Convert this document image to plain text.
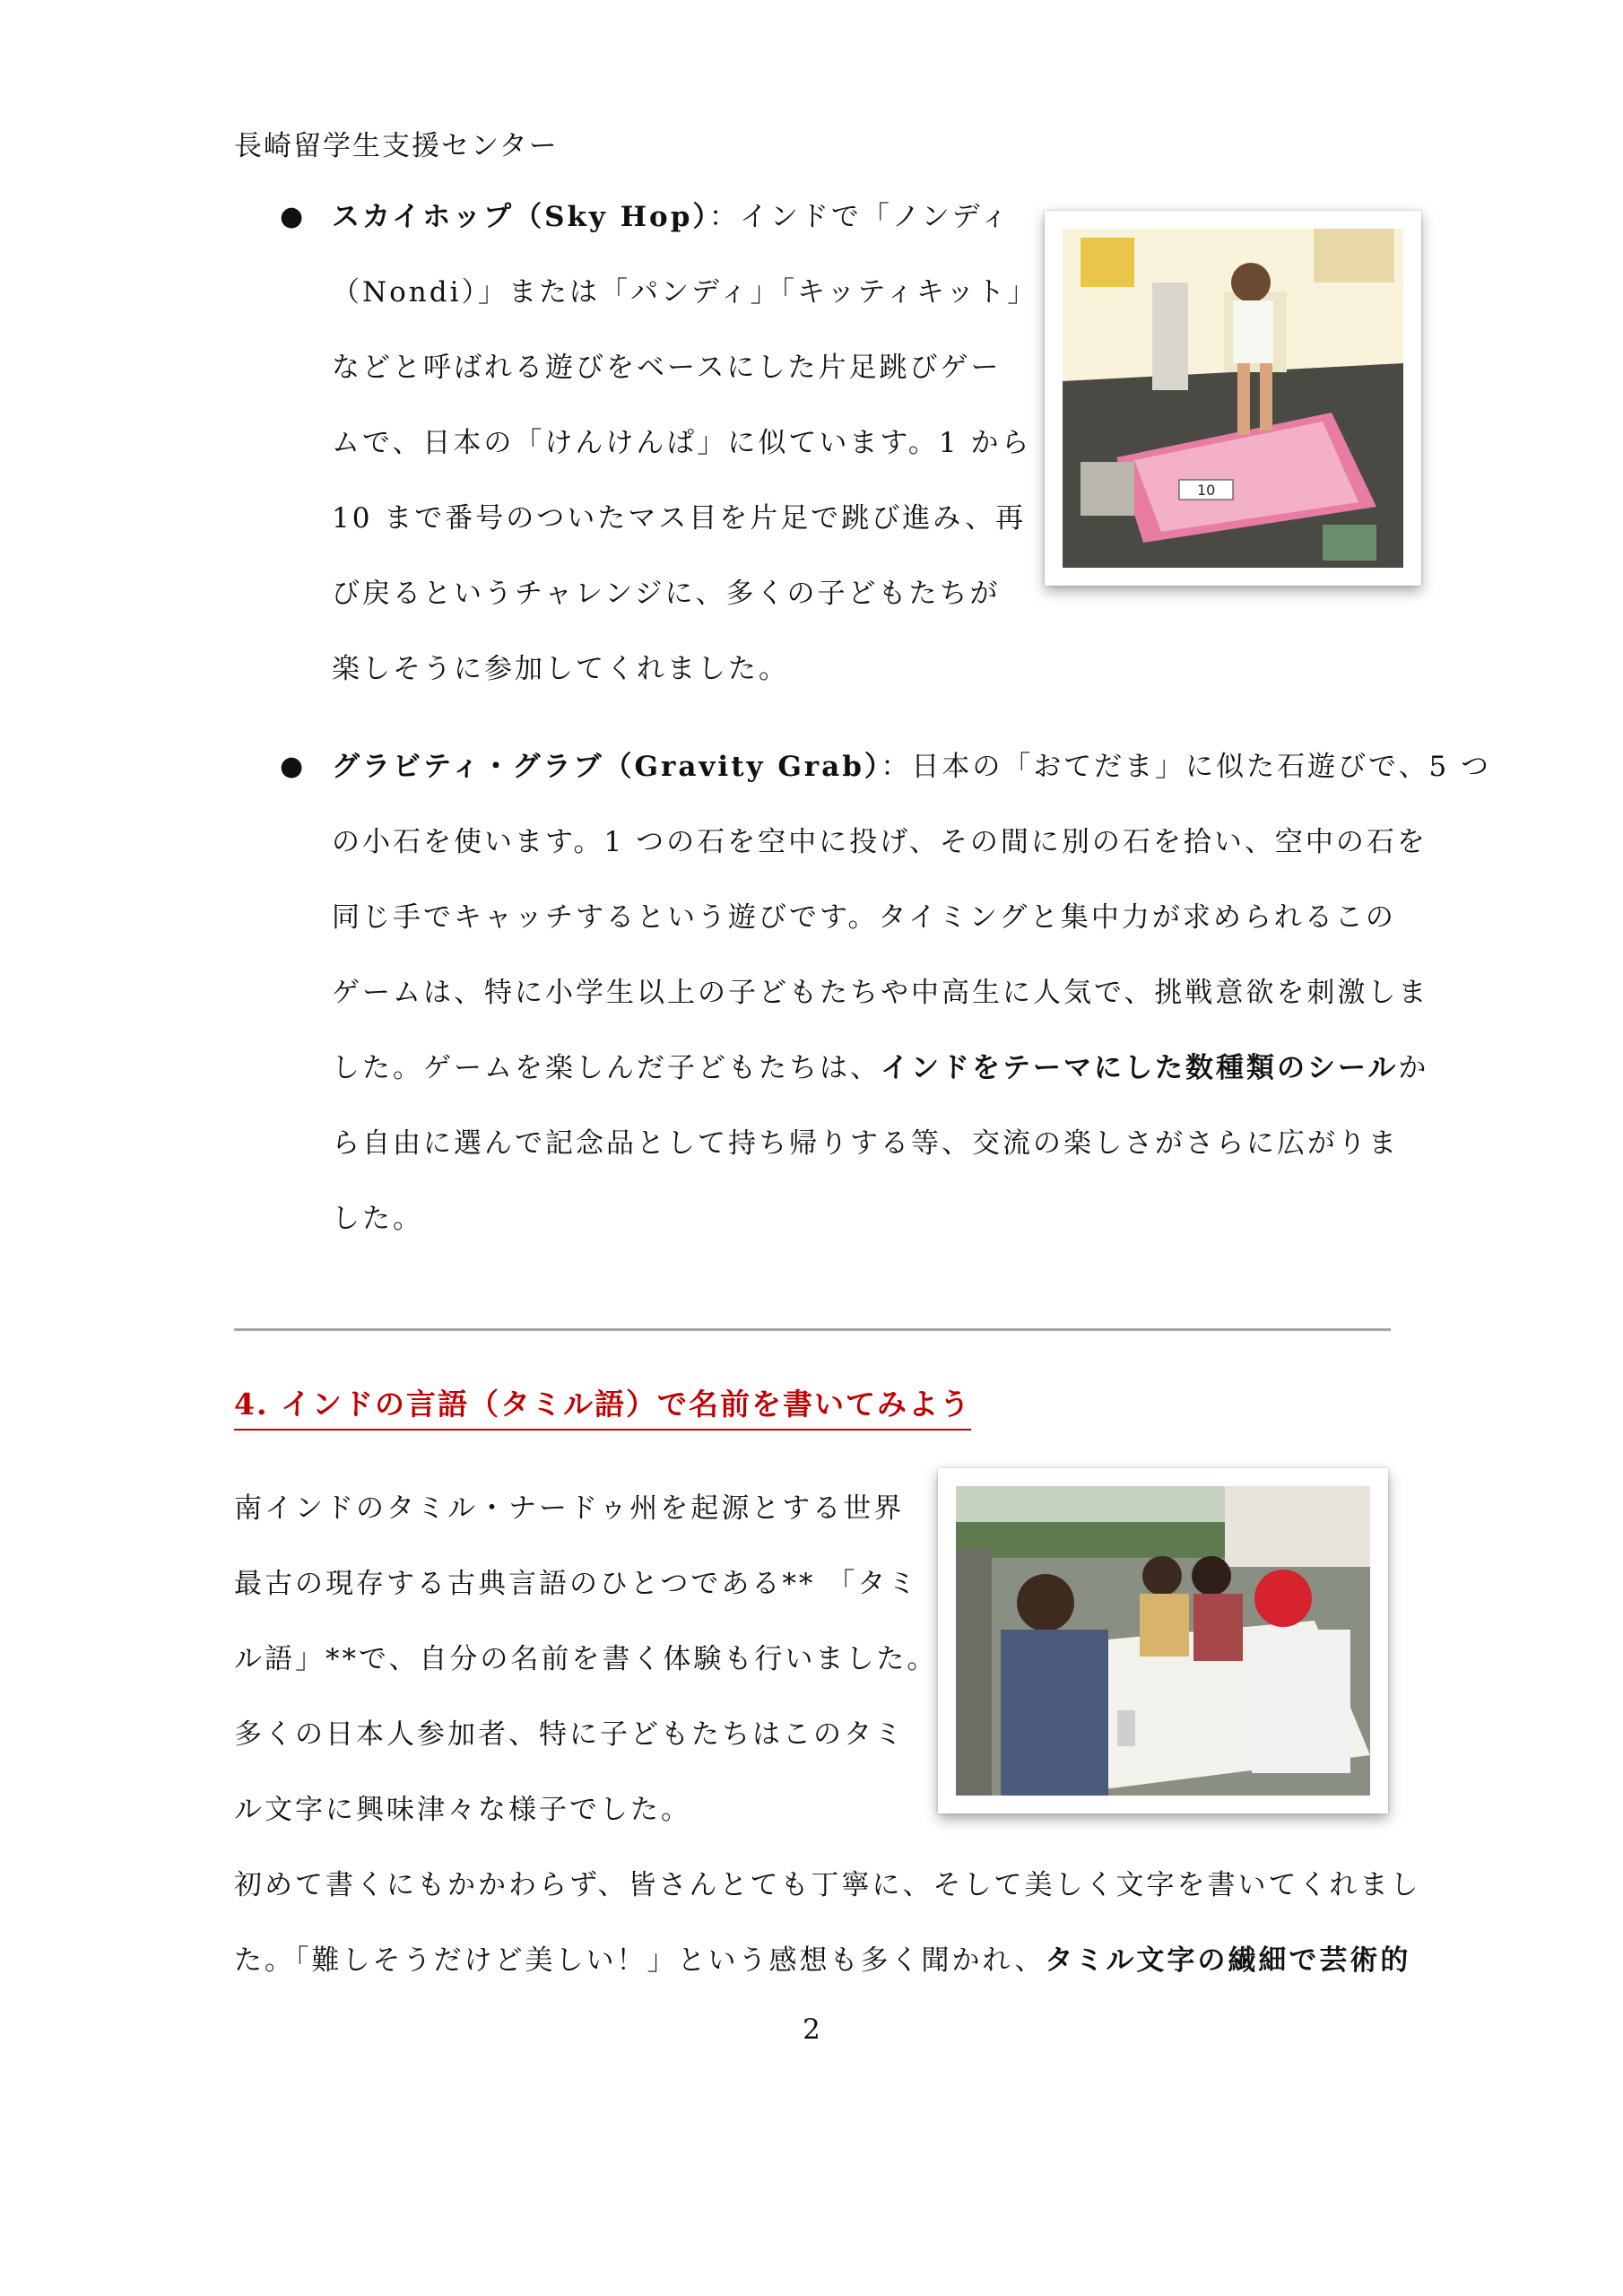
長崎留学生支援センター
● スカイホップ（Sky Hop）：インドで「ノンディ

（Nondi）」または「パンディ」「キッティキット」

などと呼ばれる遊びをベースにした片足跳びゲー

ムで、日本の「けんけんぱ」に似ています。1 から

10 まで番号のついたマス目を片足で跳び進み、再

び戻るというチャレンジに、多くの子どもたちが

楽しそうに参加してくれました。

10
● グラビティ・グラブ（Gravity Grab）：日本の「おてだま」に似た石遊びで、5 つ

の小石を使います。1 つの石を空中に投げ、その間に別の石を拾い、空中の石を

同じ手でキャッチするという遊びです。タイミングと集中力が求められるこの

ゲームは、特に小学生以上の子どもたちや中高生に人気で、挑戦意欲を刺激しま

した。ゲームを楽しんだ子どもたちは、インドをテーマにした数種類のシールか

ら自由に選んで記念品として持ち帰りする等、交流の楽しさがさらに広がりま

した。

4. インドの言語（タミル語）で名前を書いてみよう

南インドのタミル・ナードゥ州を起源とする世界

最古の現存する古典言語のひとつである** 「タミ

ル語」**で、自分の名前を書く体験も行いました。

多くの日本人参加者、特に子どもたちはこのタミ

ル文字に興味津々な様子でした。

初めて書くにもかかわらず、皆さんとても丁寧に、そして美しく文字を書いてくれまし

た。「難しそうだけど美しい！」という感想も多く聞かれ、タミル文字の繊細で芸術的

2
